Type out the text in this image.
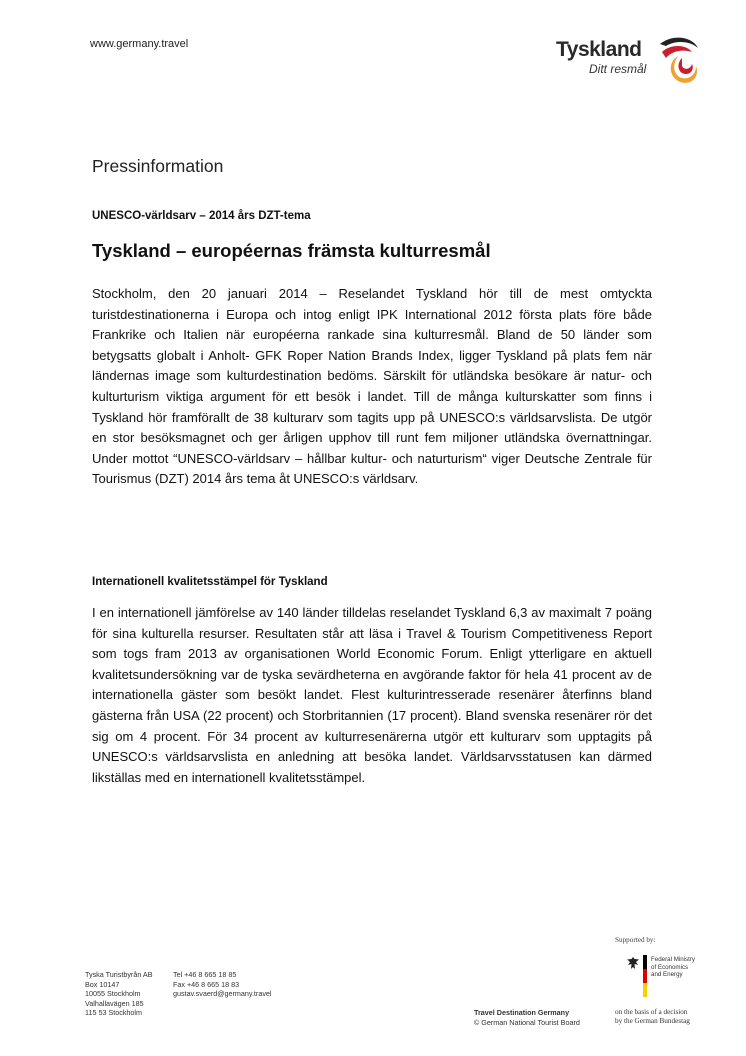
www.germany.travel	Tyskland
Ditt resmål
Pressinformation
UNESCO-världsarv – 2014 års DZT-tema
Tyskland – européernas främsta kulturresmål

Stockholm, den 20 januari 2014 – Reselandet Tyskland hör till de mest omtyckta turistdestinationerna i Europa och intog enligt IPK International 2012 första plats före både Frankrike och Italien när européerna rankade sina kulturresmål. Bland de 50 länder som betygsatts globalt i Anholt- GFK Roper Nation Brands Index, ligger Tyskland på plats fem när ländernas image som kulturdestination bedöms. Särskilt för utländska besökare är natur- och kulturturism viktiga argument för ett besök i landet. Till de många kulturskatter som finns i Tyskland hör framförallt de 38 kulturarv som tagits upp på UNESCO:s världsarvslista. De utgör en stor besöksmagnet och ger årligen upphov till runt fem miljoner utländska övernattningar. Under mottot “UNESCO-världsarv – hållbar kultur- och naturturism“ viger Deutsche Zentrale für Tourismus (DZT) 2014 års tema åt UNESCO:s världsarv.

Internationell kvalitetsstämpel för Tyskland

I en internationell jämförelse av 140 länder tilldelas reselandet Tyskland 6,3 av maximalt 7 poäng för sina kulturella resurser. Resultaten står att läsa i Travel & Tourism Competitiveness Report som togs fram 2013 av organisationen World Economic Forum. Enligt ytterligare en aktuell kvalitetsundersökning var de tyska sevärdheterna en avgörande faktor för hela 41 procent av de internationella gäster som besökt landet. Flest kulturintresserade resenärer återfinns bland gästerna från USA (22 procent) och Storbritannien (17 procent). Bland svenska resenärer rör det sig om 4 procent. För 34 procent av kulturresenärerna utgör ett kulturarv som upptagits på UNESCO:s världsarvslista en anledning att besöka landet. Världsarvsstatusen kan därmed likställas med en internationell kvalitetsstämpel.

Tyska Turistbyrån AB
Box 10147
10055 Stockholm
Valhallavägen 185
115 53 Stockholm
Tel +46 8 665 18 85
Fax +46 8 665 18 83
gustav.svaerd@germany.travel
Travel Destination Germany
© German National Tourist Board
Supported by:
Federal Ministry
of Economics
and Energy
on the basis of a decision
by the German Bundestag
